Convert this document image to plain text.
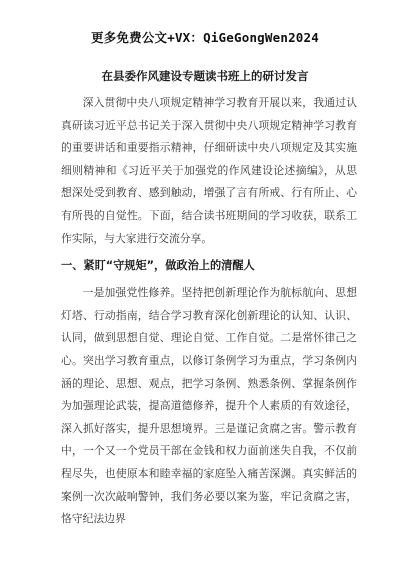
更多免费公文+VX：QiGeGongWen2024
在县委作风建设专题读书班上的研讨发言

深入贯彻中央八项规定精神学习教育开展以来，我通过认真研读习近平总书记关于深入贯彻中央八项规定精神学习教育的重要讲话和重要指示精神，仔细研读中央八项规定及其实施细则精神和《习近平关于加强党的作风建设论述摘编》，从思想深处受到教育、感到触动，增强了言有所戒、行有所止、心有所畏的自觉性。下面，结合读书班期间的学习收获，联系工作实际，与大家进行交流分享。

一、紧盯“守规矩”，做政治上的清醒人

一是加强党性修养。坚持把创新理论作为航标航向、思想灯塔、行动指南，结合学习教育深化创新理论的认知、认识、认同，做到思想自觉、理论自觉、工作自觉。二是常怀律己之心。突出学习教育重点，以修订条例学习为重点，学习条例内涵的理论、思想、观点，把学习条例、熟悉条例、掌握条例作为加强理论武装，提高道德修养，提升个人素质的有效途径，深入抓好落实，提升思想境界。三是谨记贪腐之害。警示教育中，一个又一个党员干部在金钱和权力面前迷失自我，不仅前程尽失，也使原本和睦幸福的家庭坠入痛苦深渊。真实鲜活的案例一次次敲响警钟，我们务必要以案为鉴，牢记贪腐之害，恪守纪法边界
